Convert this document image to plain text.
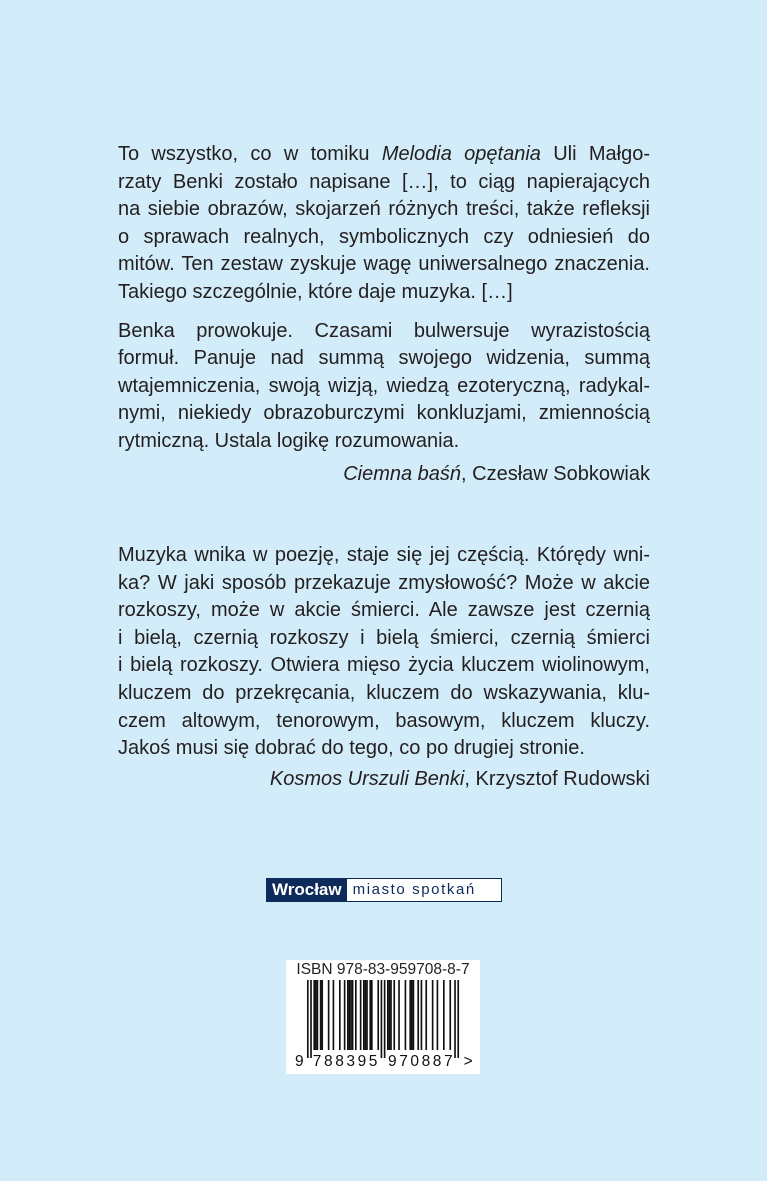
To wszystko, co w tomiku Melodia opętania Uli Małgo-
rzaty Benki zostało napisane […], to ciąg napierających
na siebie obrazów, skojarzeń różnych treści, także refleksji
o sprawach realnych, symbolicznych czy odniesień do
mitów. Ten zestaw zyskuje wagę uniwersalnego znaczenia.
Takiego szczególnie, które daje muzyka. […]
Benka prowokuje. Czasami bulwersuje wyrazistością
formuł. Panuje nad summą swojego widzenia, summą
wtajemniczenia, swoją wizją, wiedzą ezoteryczną, radykal-
nymi, niekiedy obrazoburczymi konkluzjami, zmiennością
rytmiczną. Ustala logikę rozumowania.
Ciemna baśń, Czesław Sobkowiak
Muzyka wnika w poezję, staje się jej częścią. Którędy wni-
ka? W jaki sposób przekazuje zmysłowość? Może w akcie
rozkoszy, może w akcie śmierci. Ale zawsze jest czernią
i bielą, czernią rozkoszy i bielą śmierci, czernią śmierci
i bielą rozkoszy. Otwiera mięso życia kluczem wiolinowym,
kluczem do przekręcania, kluczem do wskazywania, klu-
czem altowym, tenorowym, basowym, kluczem kluczy.
Jakoś musi się dobrać do tego, co po drugiej stronie.
Kosmos Urszuli Benki, Krzysztof Rudowski
Wrocław miasto spotkań
ISBN 978-83-959708-8-7
9 7 8 8 3 9 5 9 7 0 8 8 7 >
